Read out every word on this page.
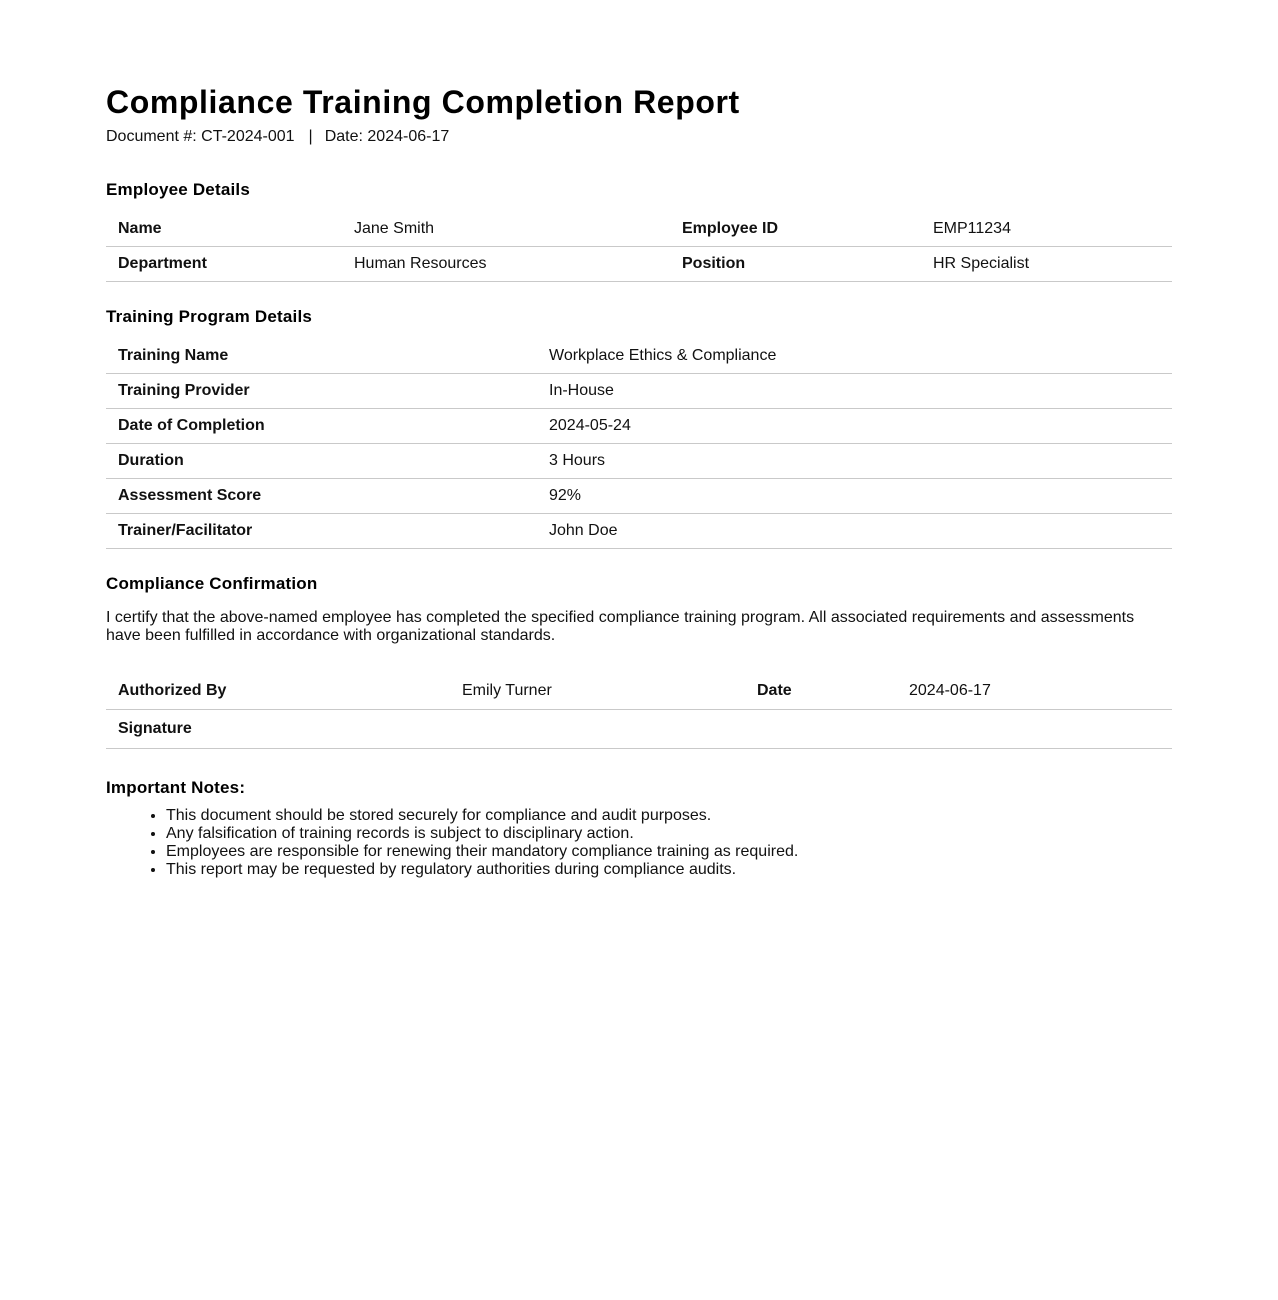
Compliance Training Completion Report
Document #: CT-2024-001 | Date: 2024-06-17
Employee Details
Name	Jane Smith	Employee ID	EMP11234
Department	Human Resources	Position	HR Specialist
Training Program Details
Training Name	Workplace Ethics & Compliance
Training Provider	In-House
Date of Completion	2024-05-24
Duration	3 Hours
Assessment Score	92%
Trainer/Facilitator	John Doe
Compliance Confirmation

I certify that the above-named employee has completed the specified compliance training program. All associated requirements and assessments have been fulfilled in accordance with organizational standards.

Authorized By	Emily Turner	Date	2024-06-17
Signature			
Important Notes:
• This document should be stored securely for compliance and audit purposes.
• Any falsification of training records is subject to disciplinary action.
• Employees are responsible for renewing their mandatory compliance training as required.
• This report may be requested by regulatory authorities during compliance audits.
